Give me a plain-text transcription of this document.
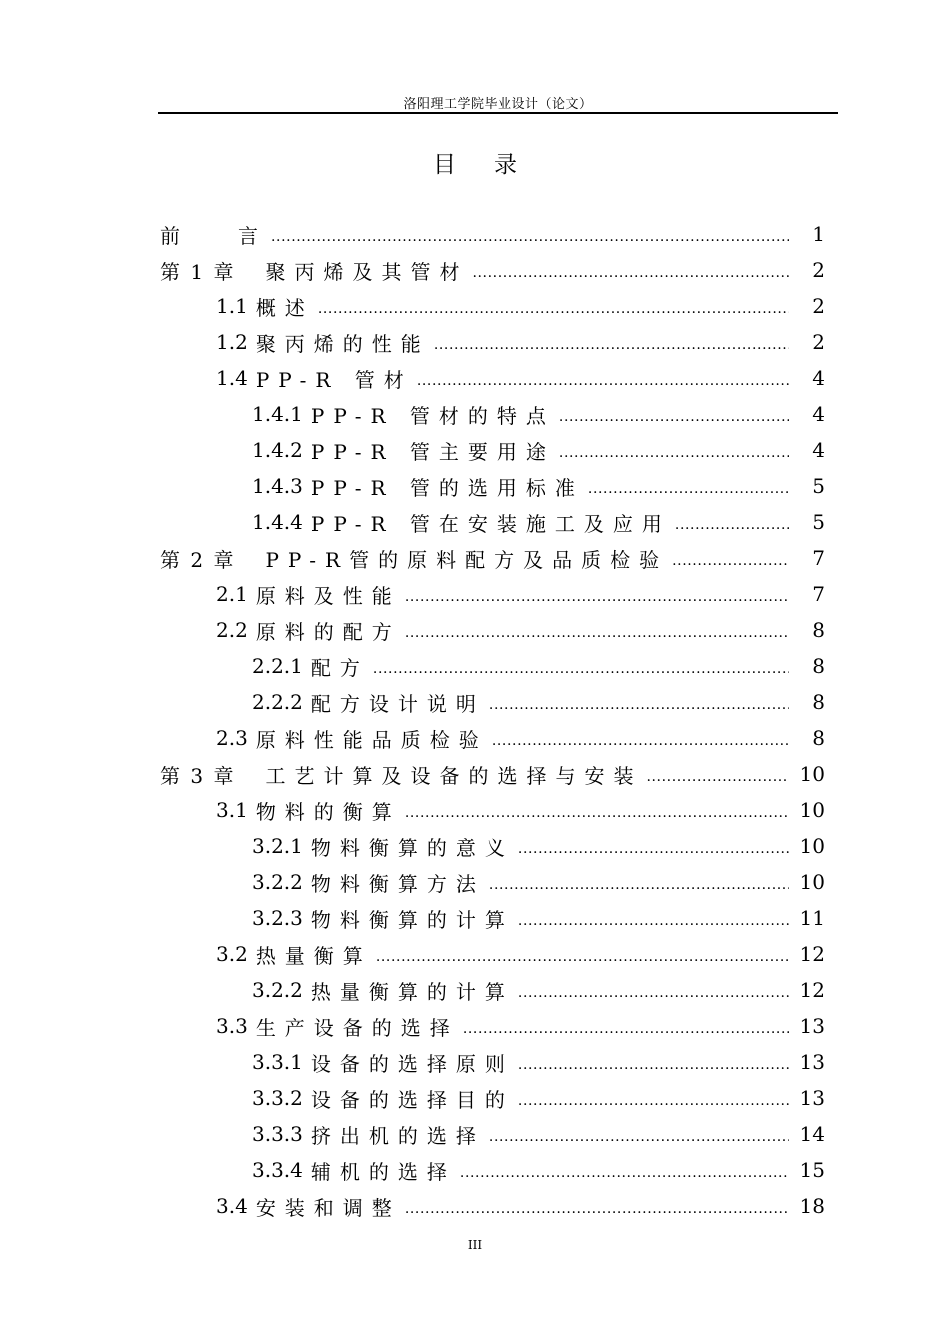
洛阳理工学院毕业设计（论文）
目录
前	言 .....	1
第 1 章 聚丙烯及其管材 .....	2
1.1 概述 .....	2
1.2 聚丙烯的性能 .....	2
1.4 PP-R 管材 .....	4
1.4.1 PP-R 管材的特点 .....	4
1.4.2 PP-R 管主要用途 .....	4
1.4.3 PP-R 管的选用标准 .....	5
1.4.4 PP-R 管在安装施工及应用 .....	5
第 2 章 PP-R管的原料配方及品质检验 .....	7
2.1 原料及性能 .....	7
2.2 原料的配方 .....	8
2.2.1 配方 .....	8
2.2.2 配方设计说明 .....	8
2.3 原料性能品质检验 .....	8
第 3 章 工艺计算及设备的选择与安装 .....	10
3.1 物料的衡算 .....	10
3.2.1 物料衡算的意义 .....	10
3.2.2 物料衡算方法 .....	10
3.2.3 物料衡算的计算 .....	11
3.2 热量衡算 .....	12
3.2.2 热量衡算的计算 .....	12
3.3 生产设备的选择 .....	13
3.3.1 设备的选择原则 .....	13
3.3.2 设备的选择目的 .....	13
3.3.3 挤出机的选择 .....	14
3.3.4 辅机的选择 .....	15
3.4 安装和调整 .....	18
III
